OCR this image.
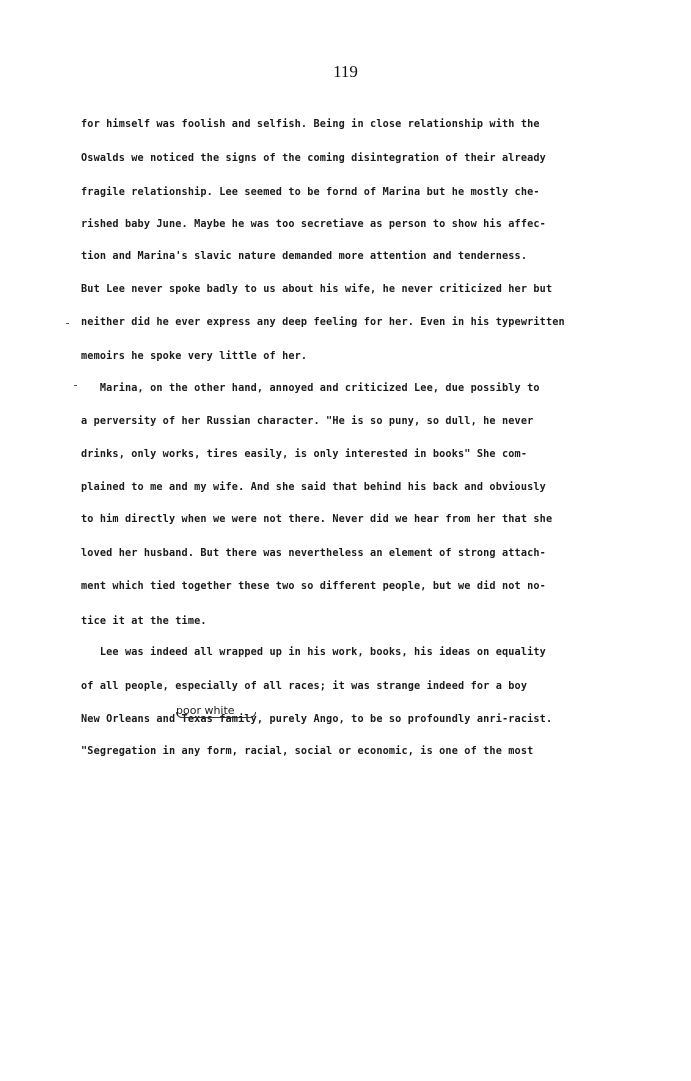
119
for himself was foolish and selfish. Being in close relationship with the
Oswalds we noticed the signs of the coming disintegration of their already
fragile relationship. Lee seemed to be fornd of Marina but he mostly che-
rished baby June. Maybe he was too secretiave as person to show his affec-
tion and Marina's slavic nature demanded more attention and tenderness.
But Lee never spoke badly to us about his wife, he never criticized her but
neither did he ever express any deep feeling for her. Even in his typewritten
memoirs he spoke very little of her.
Marina, on the other hand, annoyed and criticized Lee, due possibly to
a perversity of her Russian character. "He is so puny, so dull, he never
drinks, only works, tires easily, is only interested in books" She com-
plained to me and my wife. And she said that behind his back and obviously
to him directly when we were not there. Never did we hear from her that she
loved her husband. But there was nevertheless an element of strong attach-
ment which tied together these two so different people, but we did not no-
tice it at the time.
Lee was indeed all wrapped up in his work, books, his ideas on equality
of all people, especially of all races; it was strange indeed for a boy
New Orleans and Texas family, purely Ango, to be so profoundly anri-racist.
"Segregation in any form, racial, social or economic, is one of the most
poor white
